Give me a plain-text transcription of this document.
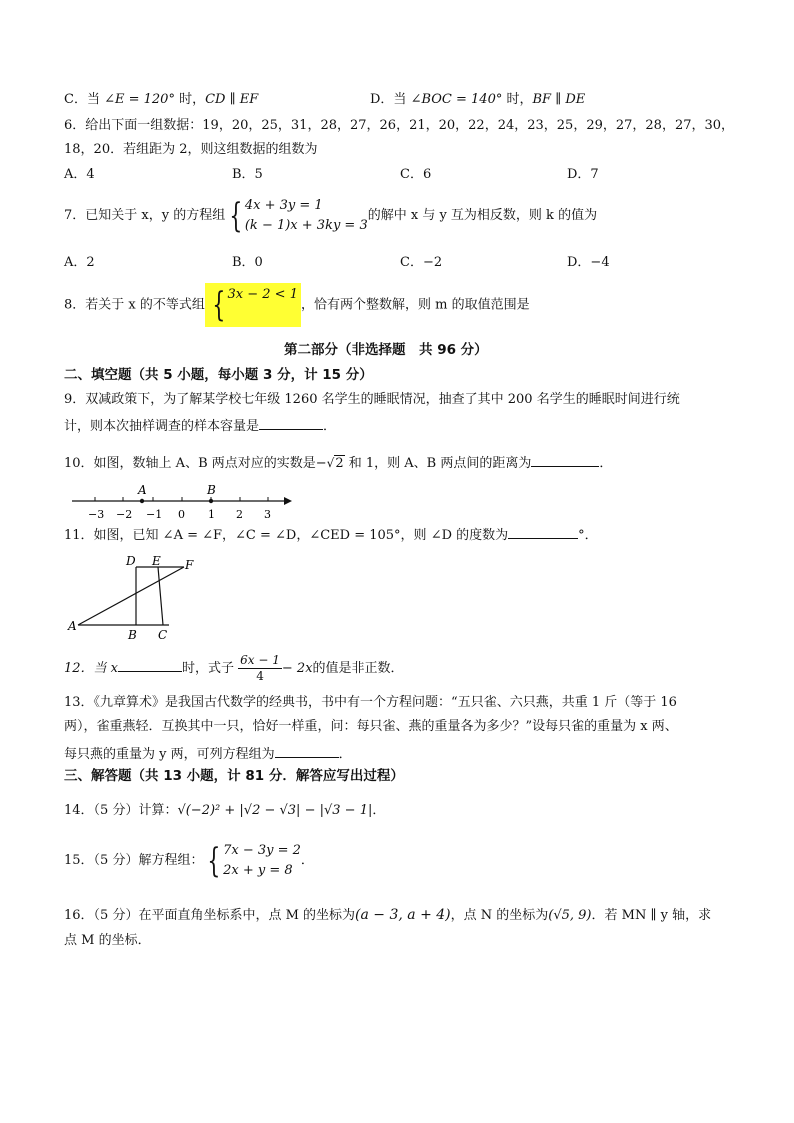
C．当 ∠E = 120° 时，CD ∥ EF	D．当 ∠BOC = 140° 时，BF ∥ DE
6．给出下面一组数据：19，20，25，31，28，27，26，21，20，22，24，23，25，29，27，28，27，30，
18，20．若组距为 2，则这组数据的组数为
A．4	B．5	C．6	D．7
7．已知关于 x，y 的方程组 { 4x + 3y = 1
(k − 1)x + 3ky = 3
的解中 x 与 y 互为相反数，则 k 的值为
A．2	B．0	C．−2	D．−4
8．若关于 x 的不等式组 { 3x − 2 < 1

，恰有两个整数解，则 m 的取值范围是
第二部分（非选择题　共 96 分）
二、填空题（共 5 小题，每小题 3 分，计 15 分）
9．双减政策下，为了解某学校七年级 1260 名学生的睡眠情况，抽查了其中 200 名学生的睡眠时间进行统
计，则本次抽样调查的样本容量是	．
10．如图，数轴上 A、B 两点对应的实数是−√2 和 1，则 A、B 两点间的距离为	．
A	B
−3 −2 −1 0 1 2 3
11．如图，已知 ∠A = ∠F，∠C = ∠D，∠CED = 105°，则 ∠D 的度数为	°．
D E F
A
B C
12．当 x	时，式子 $\frac{6x - 1}{4} - 2x$的值是非正数．
13．《九章算术》是我国古代数学的经典书，书中有一个方程问题：“五只雀、六只燕，共重 1 斤（等于 16
两），雀重燕轻．互换其中一只，恰好一样重，问：每只雀、燕的重量各为多少？”设每只雀的重量为 x 两、
每只燕的重量为 y 两，可列方程组为	．
三、解答题（共 13 小题，计 81 分．解答应写出过程）
14．（5 分）计算：√(−2)² + |√2 − √3| − |√3 − 1|．
15．（5 分）解方程组： { 7x − 3y = 2
2x + y = 8
．
16．（5 分）在平面直角坐标系中，点 M 的坐标为(a − 3, a + 4)，点 N 的坐标为(√5, 9)．若 MN ∥ y 轴，求
点 M 的坐标．
